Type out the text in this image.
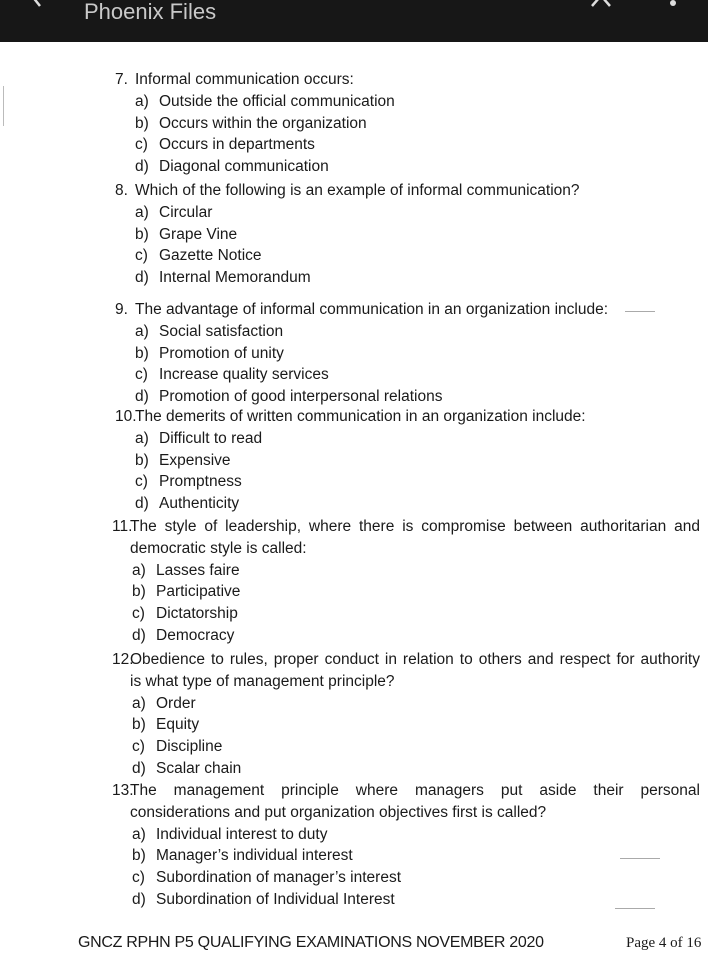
Phoenix Files
7. Informal communication occurs:
a) Outside the official communication
b) Occurs within the organization
c) Occurs in departments
d) Diagonal communication
8. Which of the following is an example of informal communication?
a) Circular
b) Grape Vine
c) Gazette Notice
d) Internal Memorandum
9. The advantage of informal communication in an organization include:
a) Social satisfaction
b) Promotion of unity
c) Increase quality services
d) Promotion of good interpersonal relations
10.
The demerits of written communication in an organization include:
a) Difficult to read
b) Expensive
c) Promptness
d) Authenticity
11.
The style of leadership, where there is compromise between authoritarian and
democratic style is called:
a) Lasses faire
b) Participative
c) Dictatorship
d) Democracy
12.
Obedience to rules, proper conduct in relation to others and respect for authority
is what type of management principle?
a) Order
b) Equity
c) Discipline
d) Scalar chain
13.
The management principle where managers put aside their personal
considerations and put organization objectives first is called?
a) Individual interest to duty
b) Manager’s individual interest
c) Subordination of manager’s interest
d) Subordination of Individual Interest
GNCZ RPHN P5 QUALIFYING EXAMINATIONS NOVEMBER 2020	Page 4 of 16
